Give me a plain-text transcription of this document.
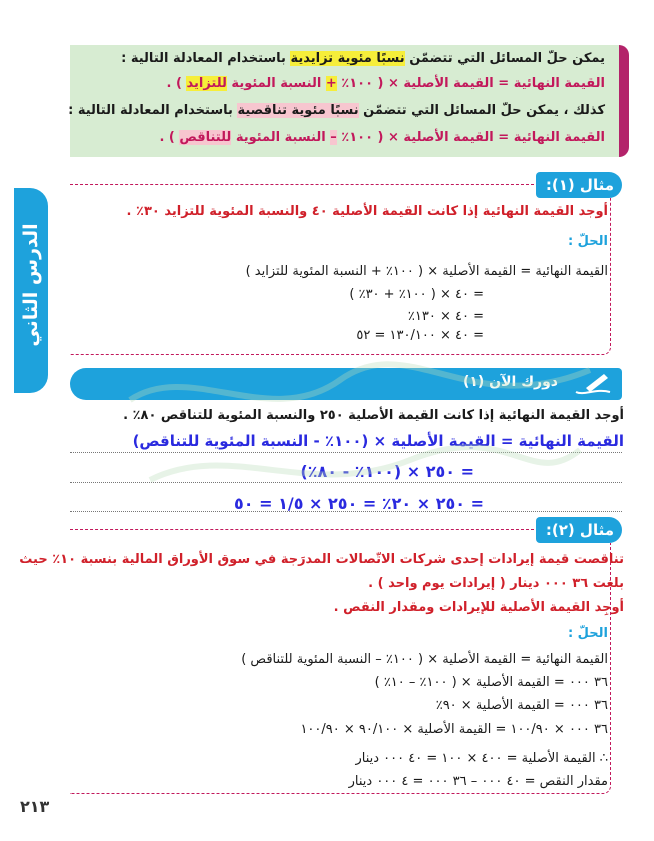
الدرس الثاني
يمكن حلّ المسائل التي تتضمّن نسبًا مئوية تزايدية باستخدام المعادلة التالية :
القيمة النهائية = القيمة الأصلية × ( ١٠٠٪ + النسبة المئوية للتزايد ) .
كذلك ، يمكن حلّ المسائل التي تتضمّن نسبًا مئوية تناقصية باستخدام المعادلة التالية :
القيمة النهائية = القيمة الأصلية × ( ١٠٠٪ – النسبة المئوية للتناقص ) .
مثال (١):
أوجد القيمة النهائية إذا كانت القيمة الأصلية ٤٠ والنسبة المئوية للتزايد ٣٠٪ .
الحلّ :
القيمة النهائية = القيمة الأصلية × ( ١٠٠٪ + النسبة المئوية للتزايد )
= ٤٠ × ( ١٠٠٪ + ٣٠٪ )
= ٤٠ × ١٣٠٪
= ٤٠ × ١٣٠/١٠٠ = ٥٢
دورك الآن (١)
أوجد القيمة النهائية إذا كانت القيمة الأصلية ٢٥٠ والنسبة المئوية للتناقص ٨٠٪ .
القيمة النهائية = القيمة الأصلية × (١٠٠٪ - النسبة المئوية للتناقص)
= ٢٥٠ × (١٠٠٪ - ٨٠٪)
= ٢٥٠ × ٢٠٪ = ٢٥٠ × ١/٥ = ٥٠
مثال (٢):
تناقصت قيمة إيرادات إحدى شركات الاتّصالات المدرَجة في سوق الأوراق المالية بنسبة ١٠٪ حيث
بلغت ٣٦ ٠٠٠ دينار ( إيرادات يوم واحد ) .
أوجِد القيمة الأصلية للإيرادات ومقدار النقص .
الحلّ :
القيمة النهائية = القيمة الأصلية × ( ١٠٠٪ – النسبة المئوية للتناقص )
٣٦ ٠٠٠ = القيمة الأصلية × ( ١٠٠٪ – ١٠٪ )
٣٦ ٠٠٠ = القيمة الأصلية × ٩٠٪
٣٦ ٠٠٠ × ١٠٠/٩٠ = القيمة الأصلية × ٩٠/١٠٠ × ١٠٠/٩٠
∴ القيمة الأصلية = ٤٠٠ × ١٠٠ = ٤٠ ٠٠٠ دينار
مقدار النقص = ٤٠ ٠٠٠ – ٣٦ ٠٠٠ = ٤ ٠٠٠ دينار
٢١٣
